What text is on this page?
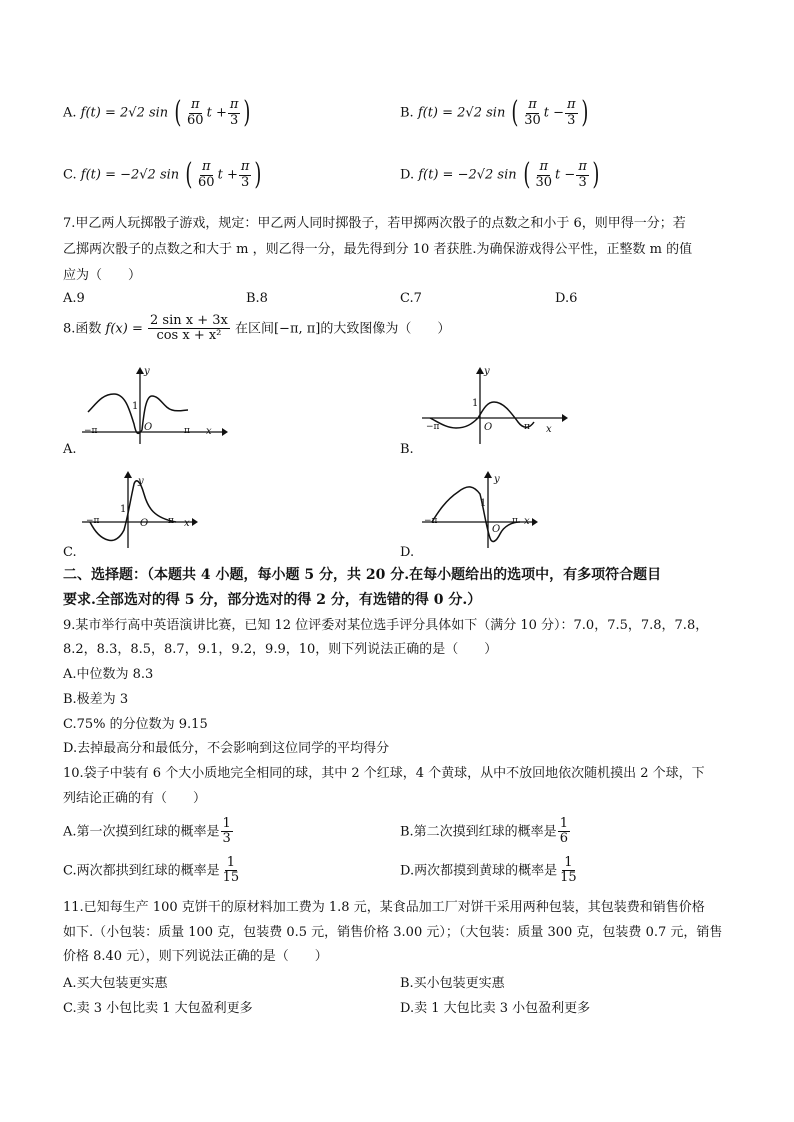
A. f(t) = 2√2 sin ( $\frac{\pi}{60}$ $t + \frac{\pi}{3}$ )	B. f(t) = 2√2 sin ( $\frac{\pi}{30}$ $t - \frac{\pi}{3}$ )
C. f(t) = −2√2 sin ( $\frac{\pi}{60}$ $t + \frac{\pi}{3}$ )	D. f(t) = −2√2 sin ( $\frac{\pi}{30}$ $t - \frac{\pi}{3}$ )
7.甲乙两人玩掷骰子游戏，规定：甲乙两人同时掷骰子，若甲掷两次骰子的点数之和小于 6，则甲得一分；若
乙掷两次骰子的点数之和大于 m ，则乙得一分，最先得到分 10 者获胜.为确保游戏得公平性，正整数 m 的值
应为（　　）
A.9	B.8	C.7	D.6
8.函数 $f(x) = \frac{\text{2 sin x + 3x}}{\text{cos x + x²}}$ 在区间[−π, π]的大致图像为（　　）
y
x
1
O
−π	π
y
x
1
O
−π	π
y
x
1
O
−π	π
y
x
1
O
−π	π
A.	B.
C.	D.
二、选择题：（本题共 4 小题，每小题 5 分，共 20 分.在每小题给出的选项中，有多项符合题目
要求.全部选对的得 5 分，部分选对的得 2 分，有选错的得 0 分.）
9.某市举行高中英语演讲比赛，已知 12 位评委对某位选手评分具体如下（满分 10 分）：7.0，7.5，7.8，7.8，
8.2，8.3，8.5，8.7，9.1，9.2，9.9，10，则下列说法正确的是（　　）
A.中位数为 8.3
B.极差为 3
C.75% 的分位数为 9.15
D.去掉最高分和最低分，不会影响到这位同学的平均得分
10.袋子中装有 6 个大小质地完全相同的球，其中 2 个红球，4 个黄球，从中不放回地依次随机摸出 2 个球，下
列结论正确的有（　　）
A.第一次摸到红球的概率是 $\frac{1}{3}$	B.第二次摸到红球的概率是 $\frac{1}{6}$
C.两次都拱到红球的概率是 $\frac{1}{15}$	D.两次都摸到黄球的概率是 $\frac{1}{15}$
11.已知每生产 100 克饼干的原材料加工费为 1.8 元，某食品加工厂对饼干采用两种包装，其包装费和销售价格
如下.（小包装：质量 100 克，包装费 0.5 元，销售价格 3.00 元）；（大包装：质量 300 克，包装费 0.7 元，销售
价格 8.40 元），则下列说法正确的是（　　）
A.买大包装更实惠	B.买小包装更实惠
C.卖 3 小包比卖 1 大包盈利更多	D.卖 1 大包比卖 3 小包盈利更多
